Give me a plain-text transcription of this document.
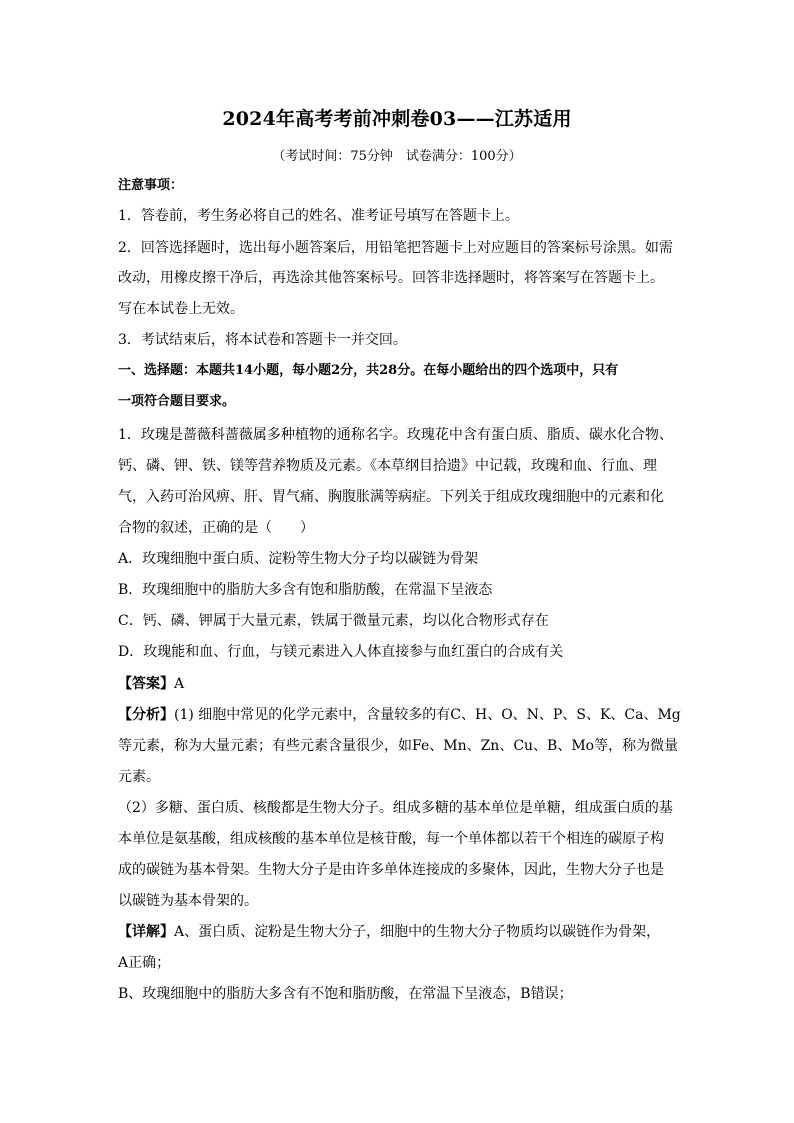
2024年高考考前冲刺卷03——江苏适用
（考试时间：75分钟　试卷满分：100分）
注意事项：
1．答卷前，考生务必将自己的姓名、准考证号填写在答题卡上。
2．回答选择题时，选出每小题答案后，用铅笔把答题卡上对应题目的答案标号涂黑。如需
改动，用橡皮擦干净后，再选涂其他答案标号。回答非选择题时，将答案写在答题卡上。
写在本试卷上无效。
3．考试结束后，将本试卷和答题卡一并交回。
一、选择题：本题共14小题，每小题2分，共28分。在每小题给出的四个选项中，只有
一项符合题目要求。
1．玫瑰是蔷薇科蔷薇属多种植物的通称名字。玫瑰花中含有蛋白质、脂质、碳水化合物、
钙、磷、钾、铁、镁等营养物质及元素。《本草纲目拾遗》中记载，玫瑰和血、行血、理
气，入药可治风痹、肝、胃气痛、胸腹胀满等病症。下列关于组成玫瑰细胞中的元素和化
合物的叙述，正确的是（　　）
A．玫瑰细胞中蛋白质、淀粉等生物大分子均以碳链为骨架
B．玫瑰细胞中的脂肪大多含有饱和脂肪酸，在常温下呈液态
C．钙、磷、钾属于大量元素，铁属于微量元素，均以化合物形式存在
D．玫瑰能和血、行血，与镁元素进入人体直接参与血红蛋白的合成有关
【答案】A
【分析】(1) 细胞中常见的化学元素中，含量较多的有C、H、O、N、P、S、K、Ca、Mg
等元素，称为大量元素；有些元素含量很少，如Fe、Mn、Zn、Cu、B、Mo等，称为微量
元素。
（2）多糖、蛋白质、核酸都是生物大分子。组成多糖的基本单位是单糖，组成蛋白质的基
本单位是氨基酸，组成核酸的基本单位是核苷酸，每一个单体都以若干个相连的碳原子构
成的碳链为基本骨架。生物大分子是由许多单体连接成的多聚体，因此，生物大分子也是
以碳链为基本骨架的。
【详解】A、蛋白质、淀粉是生物大分子，细胞中的生物大分子物质均以碳链作为骨架，
A正确；
B、玫瑰细胞中的脂肪大多含有不饱和脂肪酸，在常温下呈液态，B错误；
